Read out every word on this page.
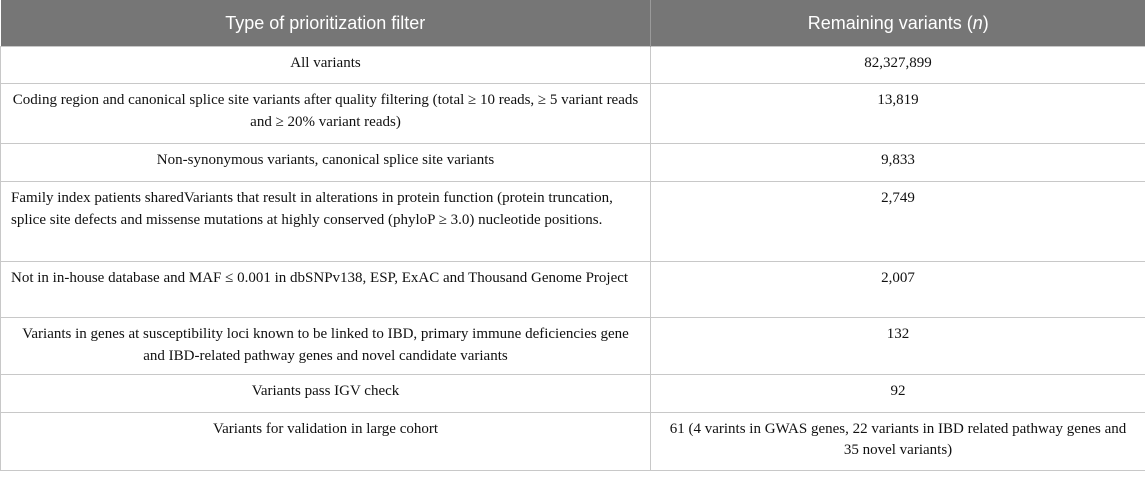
Type of prioritization filter	Remaining variants (n)
All variants	82,327,899
Coding region and canonical splice site variants after quality filtering (total ≥ 10 reads, ≥ 5 variant reads and ≥ 20% variant reads)	13,819
Non-synonymous variants, canonical splice site variants	9,833
Family index patients sharedVariants that result in alterations in protein function (protein truncation, splice site defects and missense mutations at highly conserved (phyloP ≥ 3.0) nucleotide positions.	2,749
Not in in-house database and MAF ≤ 0.001 in dbSNPv138, ESP, ExAC and Thousand Genome Project	2,007
Variants in genes at susceptibility loci known to be linked to IBD, primary immune deficiencies gene and IBD-related pathway genes and novel candidate variants	132
Variants pass IGV check	92
Variants for validation in large cohort	61 (4 varints in GWAS genes, 22 variants in IBD related pathway genes and 35 novel variants)
